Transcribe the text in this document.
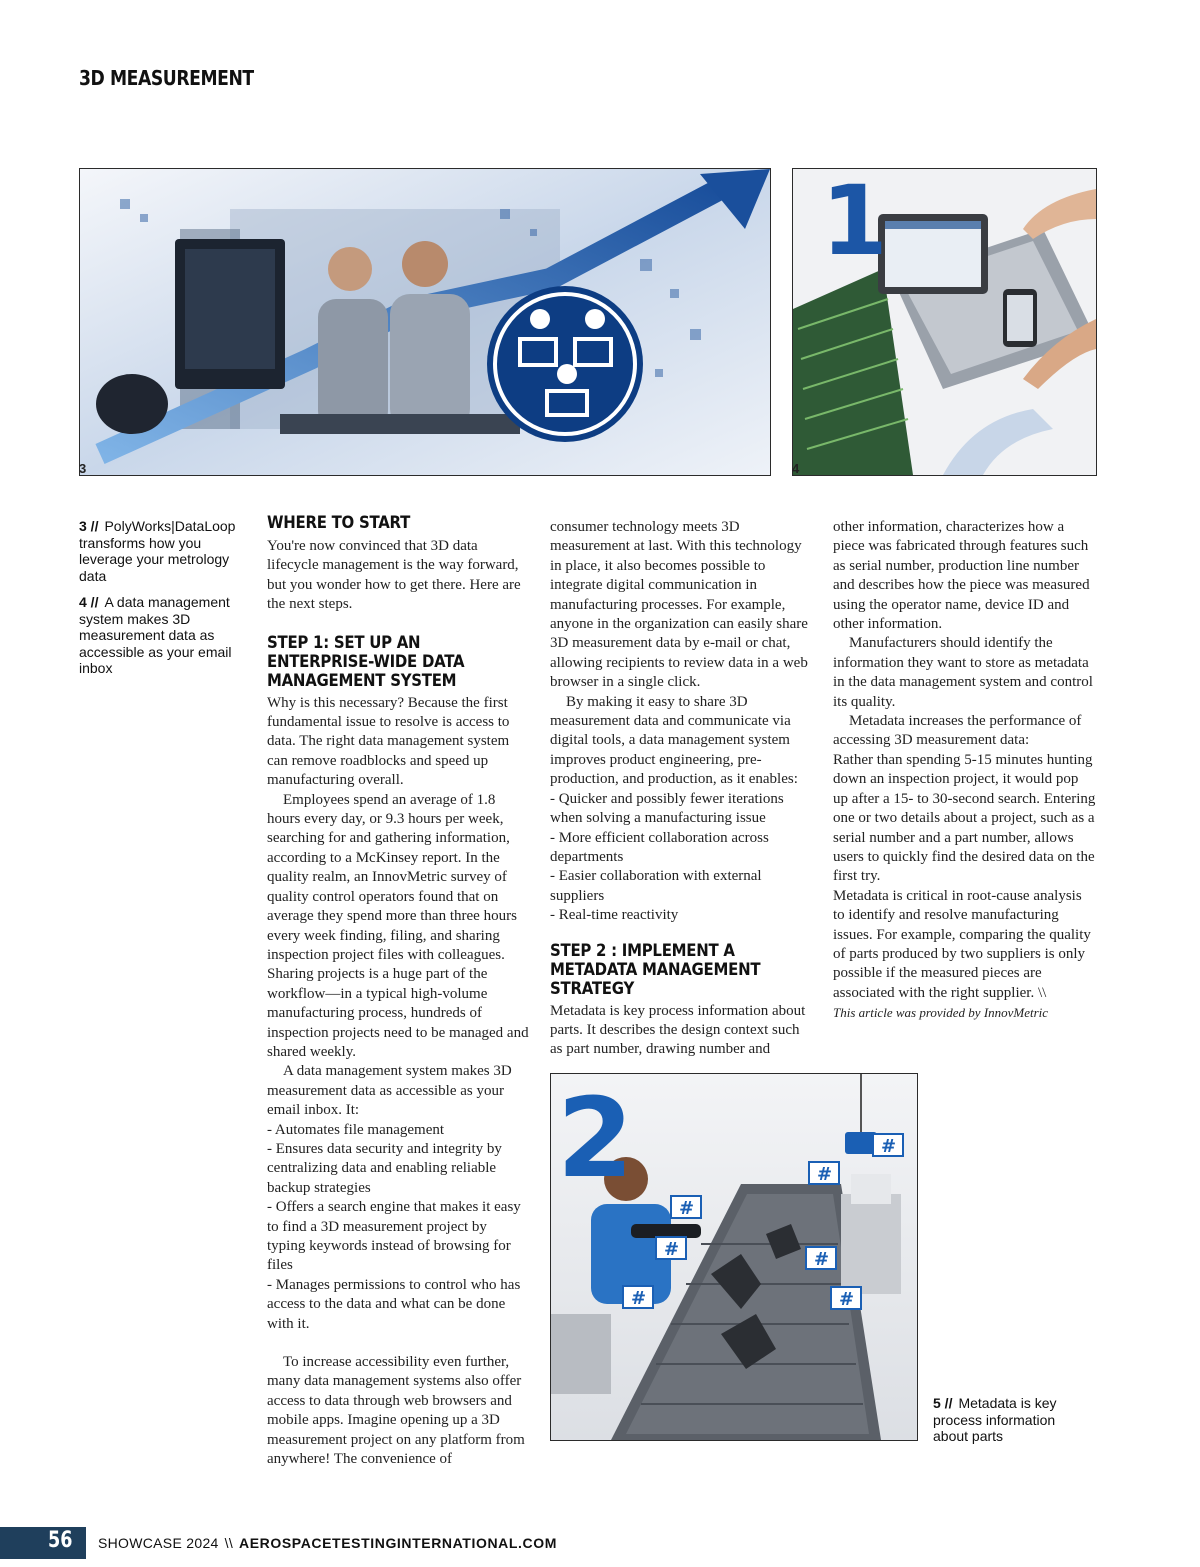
3D MEASUREMENT
3
1
4

3 // PolyWorks|DataLoop transforms how you leverage your metrology data

4 // A data management system makes 3D measurement data as accessible as your email inbox

WHERE TO START

You're now convinced that 3D data lifecycle management is the way forward, but you wonder how to get there. Here are the next steps.

STEP 1: SET UP AN ENTERPRISE-WIDE DATA MANAGEMENT SYSTEM

Why is this necessary? Because the first fundamental issue to resolve is access to data. The right data management system can remove roadblocks and speed up manufacturing overall.

Employees spend an average of 1.8 hours every day, or 9.3 hours per week, searching for and gathering information, according to a McKinsey report. In the quality realm, an InnovMetric survey of quality control operators found that on average they spend more than three hours every week finding, filing, and sharing inspection project files with colleagues. Sharing projects is a huge part of the workflow—in a typical high-volume manufacturing process, hundreds of inspection projects need to be managed and shared weekly.

A data management system makes 3D measurement data as accessible as your email inbox. It:

- Automates file management
- Ensures data security and integrity by centralizing data and enabling reliable backup strategies
- Offers a search engine that makes it easy to find a 3D measurement project by typing keywords instead of browsing for files
- Manages permissions to control who has access to the data and what can be done with it.

To increase accessibility even further, many data management systems also offer access to data through web browsers and mobile apps. Imagine opening up a 3D measurement project on any platform from anywhere! The convenience of

consumer technology meets 3D measurement at last. With this technology in place, it also becomes possible to integrate digital communication in manufacturing processes. For example, anyone in the organization can easily share 3D measurement data by e-mail or chat, allowing recipients to review data in a web browser in a single click.

By making it easy to share 3D measurement data and communicate via digital tools, a data management system improves product engineering, pre-production, and production, as it enables:

- Quicker and possibly fewer iterations when solving a manufacturing issue
- More efficient collaboration across departments
- Easier collaboration with external suppliers
- Real-time reactivity
STEP 2 : IMPLEMENT A METADATA MANAGEMENT STRATEGY

Metadata is key process information about parts. It describes the design context such as part number, drawing number and

other information, characterizes how a piece was fabricated through features such as serial number, production line number and describes how the piece was measured using the operator name, device ID and other information.

Manufacturers should identify the information they want to store as metadata in the data management system and control its quality.

Metadata increases the performance of accessing 3D measurement data:

Rather than spending 5-15 minutes hunting down an inspection project, it would pop up after a 15- to 30-second search. Entering one or two details about a project, such as a serial number and a part number, allows users to quickly find the desired data on the first try.

Metadata is critical in root-cause analysis to identify and resolve manufacturing issues. For example, comparing the quality of parts produced by two suppliers is only possible if the measured pieces are associated with the right supplier. \\

This article was provided by InnovMetric

#
#
#
#
#
#
#
2

5 // Metadata is key process information about parts

56 SHOWCASE 2024 \\ AEROSPACETESTINGINTERNATIONAL.COM
